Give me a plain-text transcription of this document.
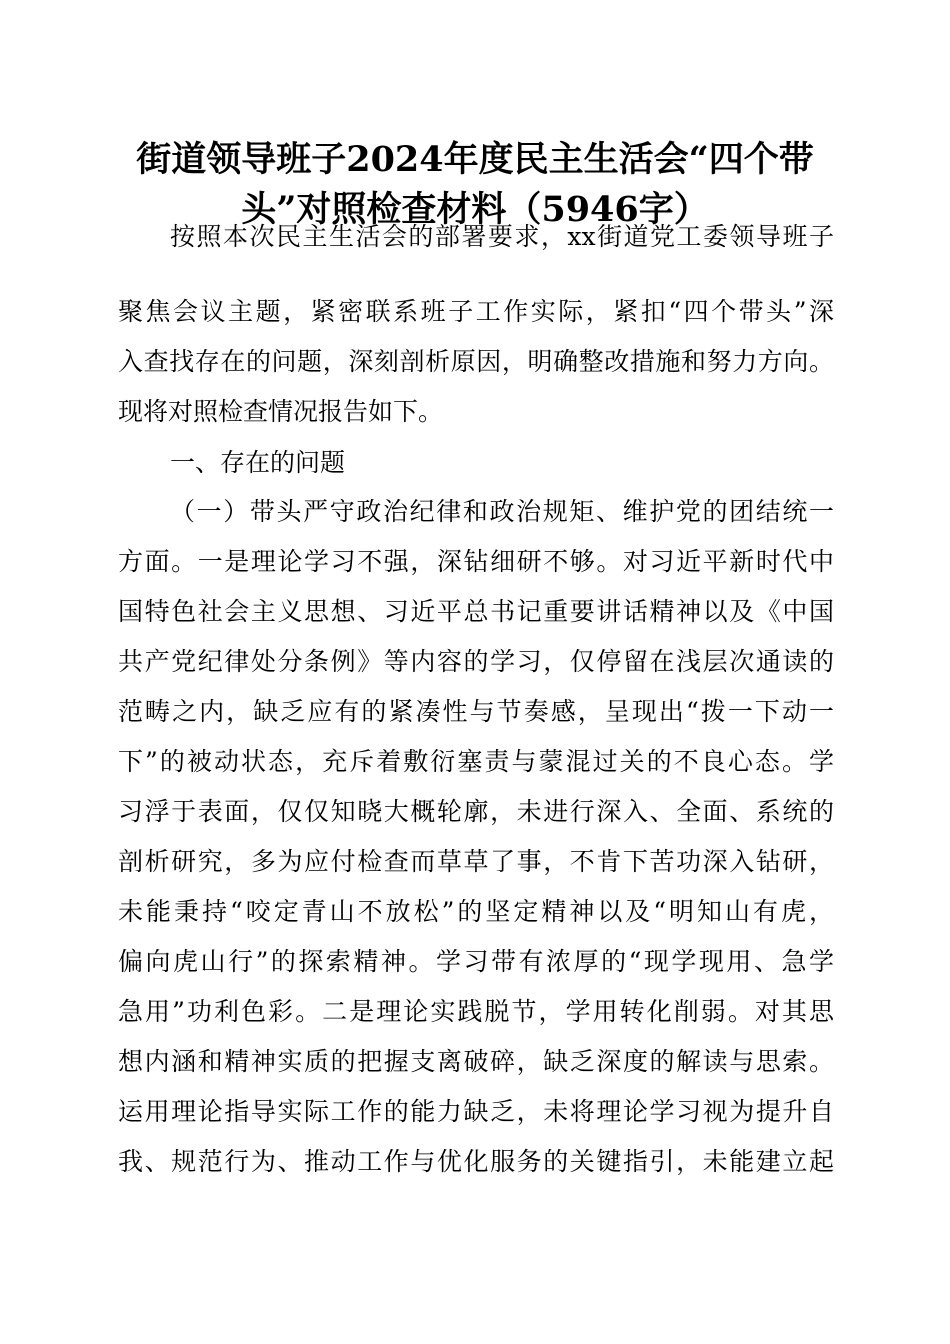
街道领导班子2024年度民主生活会“四个带
头”对照检查材料（5946字）
按照本次民主生活会的部署要求，xx街道党工委领导班子
聚焦会议主题，紧密联系班子工作实际，紧扣“四个带头”深
入查找存在的问题，深刻剖析原因，明确整改措施和努力方向。
现将对照检查情况报告如下。
一、存在的问题
（一）带头严守政治纪律和政治规矩、维护党的团结统一
方面。一是理论学习不强，深钻细研不够。对习近平新时代中
国特色社会主义思想、习近平总书记重要讲话精神以及《中国
共产党纪律处分条例》等内容的学习，仅停留在浅层次通读的
范畴之内，缺乏应有的紧凑性与节奏感，呈现出“拨一下动一
下”的被动状态，充斥着敷衍塞责与蒙混过关的不良心态。学
习浮于表面，仅仅知晓大概轮廓，未进行深入、全面、系统的
剖析研究，多为应付检查而草草了事，不肯下苦功深入钻研，
未能秉持“咬定青山不放松”的坚定精神以及“明知山有虎，
偏向虎山行”的探索精神。学习带有浓厚的“现学现用、急学
急用”功利色彩。二是理论实践脱节，学用转化削弱。对其思
想内涵和精神实质的把握支离破碎，缺乏深度的解读与思索。
运用理论指导实际工作的能力缺乏，未将理论学习视为提升自
我、规范行为、推动工作与优化服务的关键指引，未能建立起
